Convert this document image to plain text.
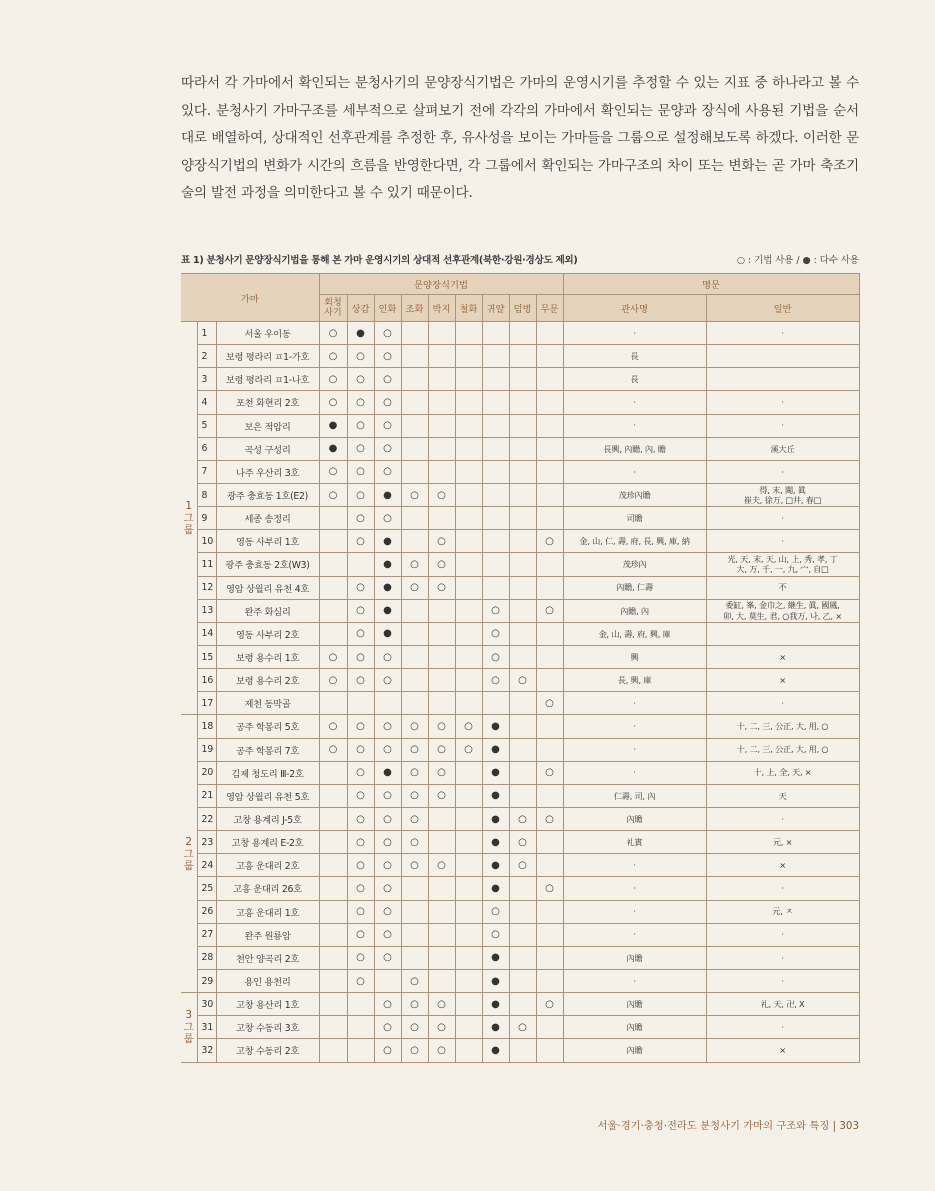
따라서 각 가마에서 확인되는 분청사기의 문양장식기법은 가마의 운영시기를 추정할 수 있는 지표 중 하나라고 볼 수 있다. 분청사기 가마구조를 세부적으로 살펴보기 전에 각각의 가마에서 확인되는 문양과 장식에 사용된 기법을 순서대로 배열하여, 상대적인 선후관계를 추정한 후, 유사성을 보이는 가마들을 그룹으로 설정해보도록 하겠다. 이러한 문양장식기법의 변화가 시간의 흐름을 반영한다면, 각 그룹에서 확인되는 가마구조의 차이 또는 변화는 곧 가마 축조기술의 발전 과정을 의미한다고 볼 수 있기 때문이다.

표 1) 분청사기 문양장식기법을 통해 본 가마 운영시기의 상대적 선후관계(북한·강원·경상도 제외)	○ : 기법 사용 / ● : 다수 사용
가마			문양장식기법									명문	
			회청
사기	상감	인화	조화	박지	철화	귀얄	덤벙	무문	관사명	일반
1
그
룹	1	서울 우이동	○	●	○							·	·
	2	보령 평라리 ㅍ1-가호	○	○	○							長	
	3	보령 평라리 ㅍ1-나호	○	○	○							長	
	4	포천 화현리 2호	○	○	○							·	·
	5	보은 적암리	●	○	○							·	·
	6	곡성 구성리	●	○	○							長興, 內贍, 內, 贍	溪大丘
	7	나주 우산리 3호	○	○	○							·	·
	8	광주 충효동 1호(E2)	○	○	●	○	○					茂珍內贍	得, 末, 闖, 眞
崔夫, 徐万, □井, 春□
	9	세종 송정리		○	○							司贍	·
	10	영동 사부리 1호		○	●		○				○	金, 山, 仁, 壽, 府, 長, 興, 庫, 納	·
	11	광주 충효동 2호(W3)			●	○	○					茂珍內	光, 天, 末, 天, 山, 上, 秀, 孝, 丁
大, 万, 千, 一, 九, 宀, 自□
	12	영암 상월리 유천 4호		○	●	○	○					內贍, 仁壽	不
	13	완주 화심리		○	●				○		○	內贍, 內	委缸, 峯, 金巾之, 継生, 眞, 國鳳,
卯, 大, 莫生, 君, ○我万, 나, 乙, ×
	14	영동 사부리 2호		○	●				○			金, 山, 壽, 府, 興, 庫	
	15	보령 용수리 1호	○	○	○				○			興	×
	16	보령 용수리 2호	○	○	○				○	○		長, 興, 庫	×
	17	제천 동막골									○	·	·
2
그
룹	18	공주 학봉리 5호	○	○	○	○	○	○	●			·	十, 二, 三, 公正, 大, 用, ○
	19	공주 학봉리 7호	○	○	○	○	○	○	●			·	十, 二, 三, 公正, 大, 用, ○
	20	김제 청도리 Ⅲ-2호		○	●	○	○		●		○	·	十, 上, 全, 天, ×
	21	영암 상월리 유천 5호		○	○	○	○		●			仁壽, 司, 內	天
	22	고창 용계리 J-5호		○	○	○			●	○	○	內贍	·
	23	고창 용계리 E-2호		○	○	○			●	○		礼賓	元, ×
	24	고흥 운대리 2호		○	○	○	○		●	○		·	×
	25	고흥 운대리 26호		○	○				●		○	·	·
	26	고흥 운대리 1호		○	○				○			·	元, ㅈ
	27	완주 원룡암		○	○				○			·	·
	28	천안 양곡리 2호		○	○				●			內贍	·
	29	용인 용천리		○		○			●			·	·
3
그
룹	30	고창 용산리 1호			○	○	○		●		○	內贍	礼, 天, 卍, X
	31	고창 수동리 3호			○	○	○		●	○		內贍	·
	32	고창 수동리 2호			○	○	○		●			內贍	×
서울·경기·충청·전라도 분청사기 가마의 구조와 특징 | 303
